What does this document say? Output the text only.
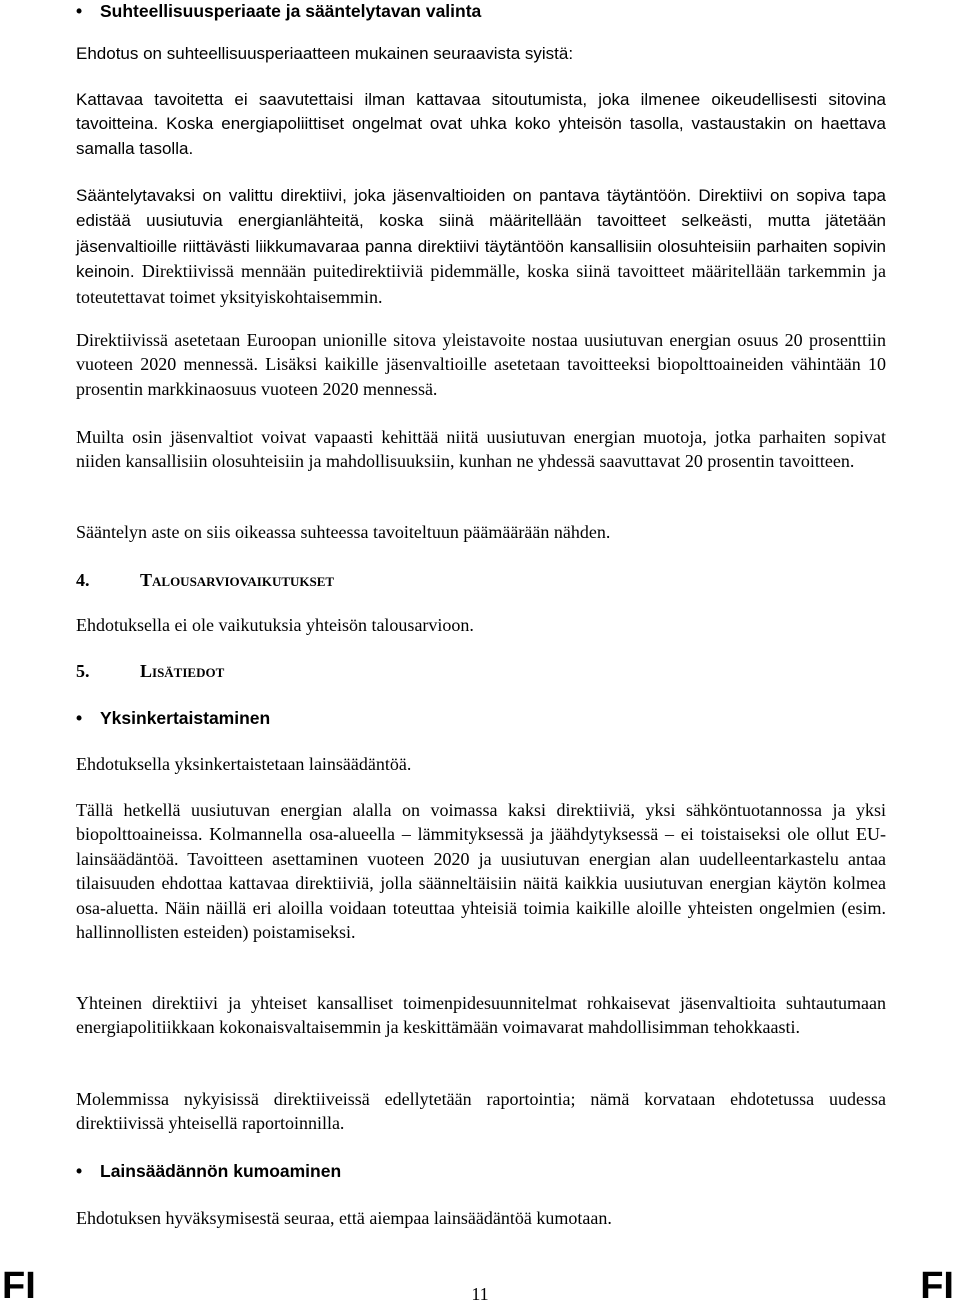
• Suhteellisuusperiaate ja sääntelytavan valinta

Ehdotus on suhteellisuusperiaatteen mukainen seuraavista syistä:

Kattavaa tavoitetta ei saavutettaisi ilman kattavaa sitoutumista, joka ilmenee oikeudellisesti sitovina tavoitteina. Koska energiapoliittiset ongelmat ovat uhka koko yhteisön tasolla, vastaustakin on haettava samalla tasolla.

Sääntelytavaksi on valittu direktiivi, joka jäsenvaltioiden on pantava täytäntöön. Direktiivi on sopiva tapa edistää uusiutuvia energianlähteitä, koska siinä määritellään tavoitteet selkeästi, mutta jätetään jäsenvaltioille riittävästi liikkumavaraa panna direktiivi täytäntöön kansallisiin olosuhteisiin parhaiten sopivin keinoin. Direktiivissä mennään puitedirektiiviä pidemmälle, koska siinä tavoitteet määritellään tarkemmin ja toteutettavat toimet yksityiskohtaisemmin.

Direktiivissä asetetaan Euroopan unionille sitova yleistavoite nostaa uusiutuvan energian osuus 20 prosenttiin vuoteen 2020 mennessä. Lisäksi kaikille jäsenvaltioille asetetaan tavoitteeksi biopolttoaineiden vähintään 10 prosentin markkinaosuus vuoteen 2020 mennessä.

Muilta osin jäsenvaltiot voivat vapaasti kehittää niitä uusiutuvan energian muotoja, jotka parhaiten sopivat niiden kansallisiin olosuhteisiin ja mahdollisuuksiin, kunhan ne yhdessä saavuttavat 20 prosentin tavoitteen.

Sääntelyn aste on siis oikeassa suhteessa tavoiteltuun päämäärään nähden.

4.	Talousarviovaikutukset

Ehdotuksella ei ole vaikutuksia yhteisön talousarvioon.

5.	Lisätiedot
• Yksinkertaistaminen

Ehdotuksella yksinkertaistetaan lainsäädäntöä.

Tällä hetkellä uusiutuvan energian alalla on voimassa kaksi direktiiviä, yksi sähköntuotannossa ja yksi biopolttoaineissa. Kolmannella osa-alueella – lämmityksessä ja jäähdytyksessä – ei toistaiseksi ole ollut EU-lainsäädäntöä. Tavoitteen asettaminen vuoteen 2020 ja uusiutuvan energian alan uudelleentarkastelu antaa tilaisuuden ehdottaa kattavaa direktiiviä, jolla säänneltäisiin näitä kaikkia uusiutuvan energian käytön kolmea osa-aluetta. Näin näillä eri aloilla voidaan toteuttaa yhteisiä toimia kaikille aloille yhteisten ongelmien (esim. hallinnollisten esteiden) poistamiseksi.

Yhteinen direktiivi ja yhteiset kansalliset toimenpidesuunnitelmat rohkaisevat jäsenvaltioita suhtautumaan energiapolitiikkaan kokonaisvaltaisemmin ja keskittämään voimavarat mahdollisimman tehokkaasti.

Molemmissa nykyisissä direktiiveissä edellytetään raportointia; nämä korvataan ehdotetussa uudessa direktiivissä yhteisellä raportoinnilla.

• Lainsäädännön kumoaminen

Ehdotuksen hyväksymisestä seuraa, että aiempaa lainsäädäntöä kumotaan.

FI	11	FI
